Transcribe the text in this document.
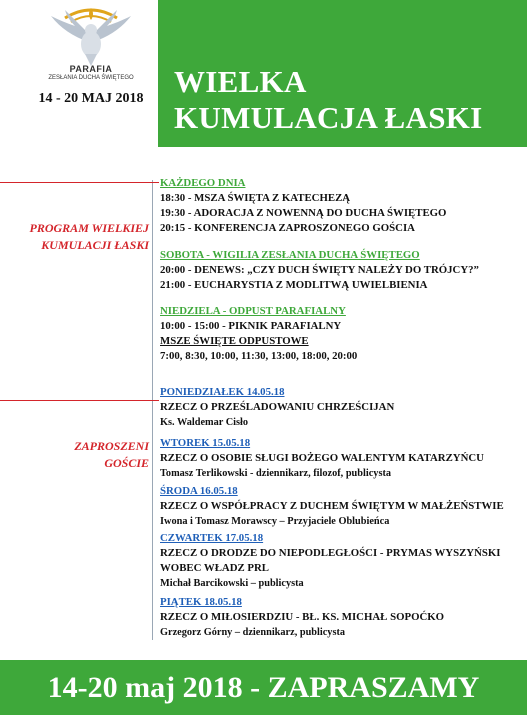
PARAFIA
ZESŁANIA DUCHA ŚWIĘTEGO
14 - 20 MAJ 2018 WIELKA
KUMULACJA ŁASKI

PROGRAM WIELKIEJ
KUMULACJI ŁASKI

ZAPROSZENI
GOŚCIE

KAŻDEGO DNIA
18:30 - MSZA ŚWIĘTA Z KATECHEZĄ
19:30 - ADORACJA Z NOWENNĄ DO DUCHA ŚWIĘTEGO
20:15 - KONFERENCJA ZAPROSZONEGO GOŚCIA
SOBOTA - WIGILIA ZESŁANIA DUCHA ŚWIĘTEGO
20:00 - DENEWS: „CZY DUCH ŚWIĘTY NALEŻY DO TRÓJCY?”
21:00 - EUCHARYSTIA Z MODLITWĄ UWIELBIENIA
NIEDZIELA - ODPUST PARAFIALNY
10:00 - 15:00 - PIKNIK PARAFIALNY
MSZE ŚWIĘTE ODPUSTOWE
7:00, 8:30, 10:00, 11:30, 13:00, 18:00, 20:00
PONIEDZIAŁEK 14.05.18
RZECZ O PRZEŚLADOWANIU CHRZEŚCIJAN
Ks. Waldemar Cisło
WTOREK 15.05.18
RZECZ O OSOBIE SŁUGI BOŻEGO WALENTYM KATARZYŃCU
Tomasz Terlikowski - dziennikarz, filozof, publicysta
ŚRODA 16.05.18
RZECZ O WSPÓŁPRACY Z DUCHEM ŚWIĘTYM W MAŁŻEŃSTWIE
Iwona i Tomasz Morawscy – Przyjaciele Oblubieńca
CZWARTEK 17.05.18
RZECZ O DRODZE DO NIEPODLEGŁOŚCI - PRYMAS WYSZYŃSKI
WOBEC WŁADZ PRL
Michał Barcikowski – publicysta
PIĄTEK 18.05.18
RZECZ O MIŁOSIERDZIU - BŁ. KS. MICHAŁ SOPOĆKO
Grzegorz Górny – dziennikarz, publicysta
14-20 maj 2018 - ZAPRASZAMY
